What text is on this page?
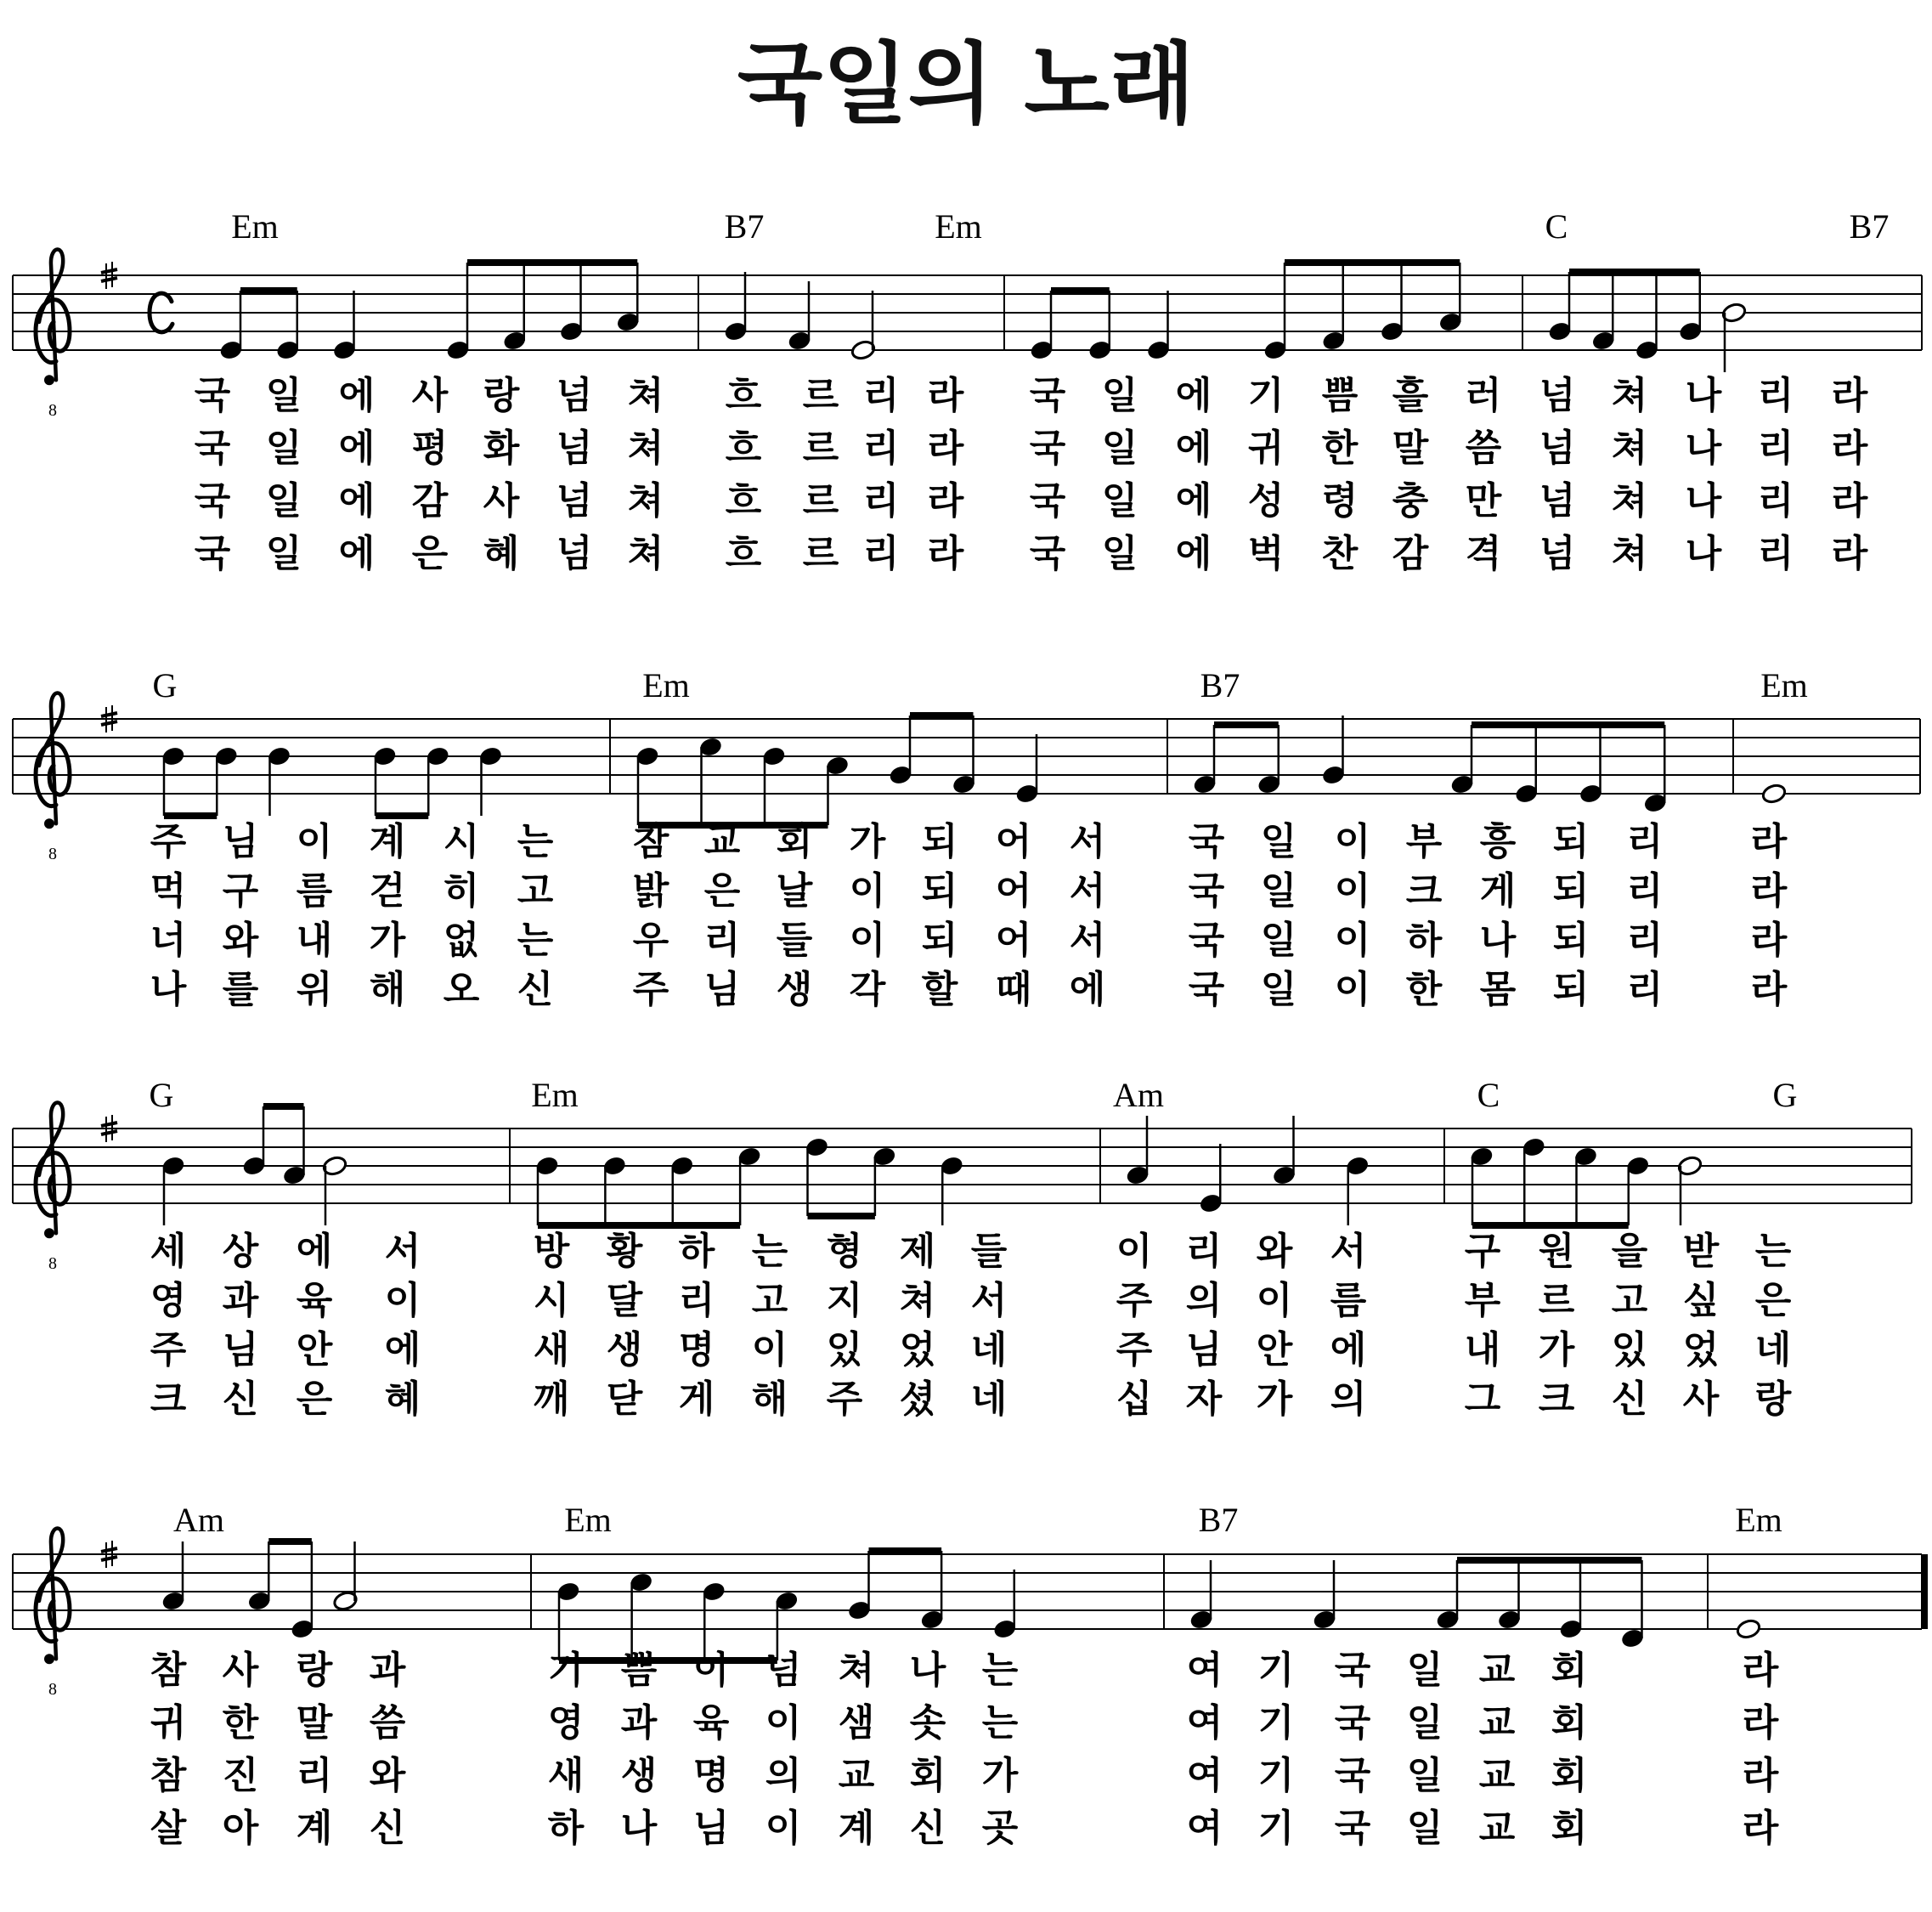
국일의 노래
8
Em	B7	Em	C	B7
국 일 에 사 랑 넘 쳐 흐 르 리 라 국 일 에 기 쁨 흘 러 넘 쳐 나 리 라
국 일 에 평 화 넘 쳐 흐 르 리 라 국 일 에 귀 한 말 씀 넘 쳐 나 리 라
국 일 에 감 사 넘 쳐 흐 르 리 라 국 일 에 성 령 충 만 넘 쳐 나 리 라
국 일 에 은 혜 넘 쳐 흐 르 리 라 국 일 에 벅 찬 감 격 넘 쳐 나 리 라
8
G	Em	B7	Em
주 님 이 계 시 는 참 교 회 가 되 어 서 국 일 이 부 흥 되 리 라
먹 구 름 걷 히 고 밝 은 날 이 되 어 서 국 일 이 크 게 되 리 라
너 와 내 가 없 는 우 리 들 이 되 어 서 국 일 이 하 나 되 리 라
나 를 위 해 오 신 주 님 생 각 할 때 에 국 일 이 한 몸 되 리 라
8
G	Em	Am	C	G
세 상 에 서	방 황 하 는 형 제 들	이 리 와 서	구 원 을 받 는
영 과 육 이	시 달 리 고 지 쳐 서	주 의 이 름	부 르 고 싶 은
주 님 안 에	새 생 명 이 있 었 네	주 님 안 에	내 가 있 었 네
크 신 은 혜	깨 닫 게 해 주 셨 네	십 자 가 의	그 크 신 사 랑
8
Am	Em	B7	Em
참 사 랑 과	기 쁨 이 넘 쳐 나 는	여 기 국 일 교 회	라
귀 한 말 씀	영 과 육 이 샘 솟 는	여 기 국 일 교 회	라
참 진 리 와	새 생 명 의 교 회 가	여 기 국 일 교 회	라
살 아 계 신	하 나 님 이 계 신 곳	여 기 국 일 교 회	라
